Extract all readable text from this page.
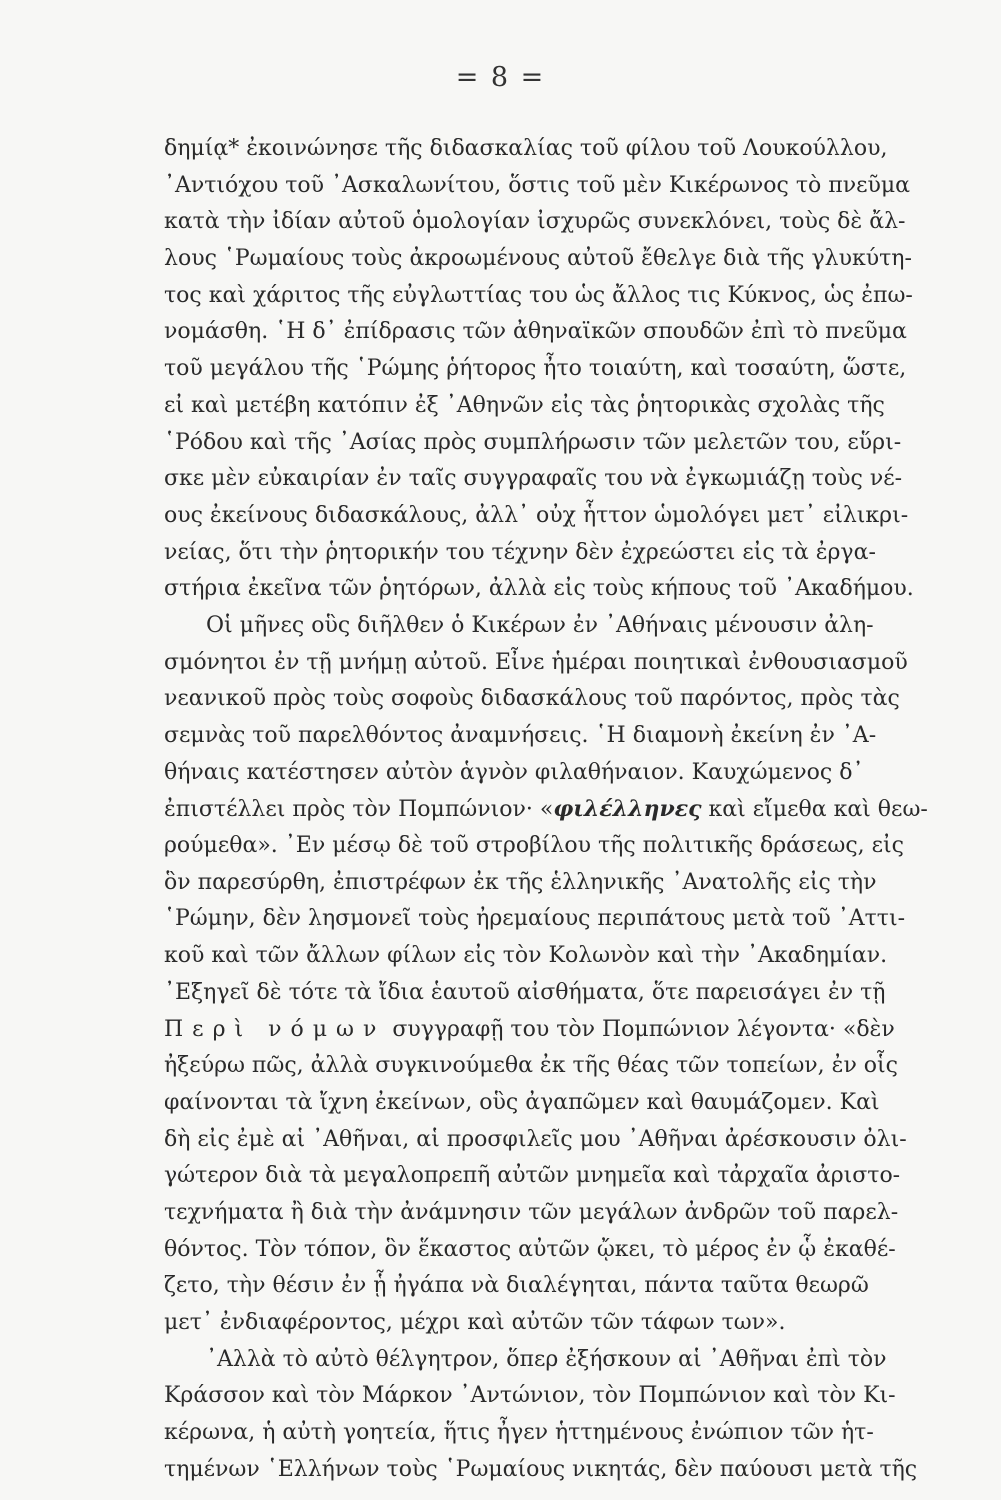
= 8 =
δημίᾳ* ἐκοινώνησε τῆς διδασκαλίας τοῦ φίλου τοῦ Λουκούλλου,
᾿Αντιόχου τοῦ ᾿Ασκαλωνίτου, ὅστις τοῦ μὲν Κικέρωνος τὸ πνεῦμα
κατὰ τὴν ἰδίαν αὐτοῦ ὁμολογίαν ἰσχυρῶς συνεκλόνει, τοὺς δὲ ἄλ-
λους ῾Ρωμαίους τοὺς ἀκροωμένους αὐτοῦ ἔθελγε διὰ τῆς γλυκύτη-
τος καὶ χάριτος τῆς εὐγλωττίας του ὡς ἄλλος τις Κύκνος, ὡς ἐπω-
νομάσθη. ῾Η δ᾿ ἐπίδρασις τῶν ἀθηναϊκῶν σπουδῶν ἐπὶ τὸ πνεῦμα
τοῦ μεγάλου τῆς ῾Ρώμης ῥήτορος ἦτο τοιαύτη, καὶ τοσαύτη, ὥστε,
εἰ καὶ μετέβη κατόπιν ἐξ ᾿Αθηνῶν εἰς τὰς ῥητορικὰς σχολὰς τῆς
῾Ρόδου καὶ τῆς ᾿Ασίας πρὸς συμπλήρωσιν τῶν μελετῶν του, εὕρι-
σκε μὲν εὐκαιρίαν ἐν ταῖς συγγραφαῖς του νὰ ἐγκωμιάζῃ τοὺς νέ-
ους ἐκείνους διδασκάλους, ἀλλ᾿ οὐχ ἧττον ὡμολόγει μετ᾿ εἰλικρι-
νείας, ὅτι τὴν ῥητορικήν του τέχνην δὲν ἐχρεώστει εἰς τὰ ἐργα-
στήρια ἐκεῖνα τῶν ῥητόρων, ἀλλὰ εἰς τοὺς κήπους τοῦ ᾿Ακαδήμου.
Οἱ μῆνες οὓς διῆλθεν ὁ Κικέρων ἐν ᾿Αθήναις μένουσιν ἀλη-
σμόνητοι ἐν τῇ μνήμῃ αὐτοῦ. Εἶνε ἡμέραι ποιητικαὶ ἐνθουσιασμοῦ
νεανικοῦ πρὸς τοὺς σοφοὺς διδασκάλους τοῦ παρόντος, πρὸς τὰς
σεμνὰς τοῦ παρελθόντος ἀναμνήσεις. ῾Η διαμονὴ ἐκείνη ἐν ᾿Α-
θήναις κατέστησεν αὐτὸν ἁγνὸν φιλαθήναιον. Καυχώμενος δ᾿
ἐπιστέλλει πρὸς τὸν Πομπώνιον· «φιλέλληνες καὶ εἴμεθα καὶ θεω-
ρούμεθα». ᾿Εν μέσῳ δὲ τοῦ στροβίλου τῆς πολιτικῆς δράσεως, εἰς
ὃν παρεσύρθη, ἐπιστρέφων ἐκ τῆς ἑλληνικῆς ᾿Ανατολῆς εἰς τὴν
῾Ρώμην, δὲν λησμονεῖ τοὺς ἠρεμαίους περιπάτους μετὰ τοῦ ᾿Αττι-
κοῦ καὶ τῶν ἄλλων φίλων εἰς τὸν Κολωνὸν καὶ τὴν ᾿Ακαδημίαν.
᾿Εξηγεῖ δὲ τότε τὰ ἴδια ἑαυτοῦ αἰσθήματα, ὅτε παρεισάγει ἐν τῇ
Περὶ νόμων συγγραφῇ του τὸν Πομπώνιον λέγοντα· «δὲν
ἠξεύρω πῶς, ἀλλὰ συγκινούμεθα ἐκ τῆς θέας τῶν τοπείων, ἐν οἷς
φαίνονται τὰ ἴχνη ἐκείνων, οὓς ἀγαπῶμεν καὶ θαυμάζομεν. Καὶ
δὴ εἰς ἐμὲ αἱ ᾿Αθῆναι, αἱ προσφιλεῖς μου ᾿Αθῆναι ἀρέσκουσιν ὀλι-
γώτερον διὰ τὰ μεγαλοπρεπῆ αὐτῶν μνημεῖα καὶ τἀρχαῖα ἀριστο-
τεχνήματα ἢ διὰ τὴν ἀνάμνησιν τῶν μεγάλων ἀνδρῶν τοῦ παρελ-
θόντος. Τὸν τόπον, ὃν ἕκαστος αὐτῶν ᾤκει, τὸ μέρος ἐν ᾧ ἐκαθέ-
ζετο, τὴν θέσιν ἐν ᾗ ἠγάπα νὰ διαλέγηται, πάντα ταῦτα θεωρῶ
μετ᾿ ἐνδιαφέροντος, μέχρι καὶ αὐτῶν τῶν τάφων των».
᾿Αλλὰ τὸ αὐτὸ θέλγητρον, ὅπερ ἐξήσκουν αἱ ᾿Αθῆναι ἐπὶ τὸν
Κράσσον καὶ τὸν Μάρκον ᾿Αντώνιον, τὸν Πομπώνιον καὶ τὸν Κι-
κέρωνα, ἡ αὐτὴ γοητεία, ἥτις ἦγεν ἡττημένους ἐνώπιον τῶν ἡτ-
τημένων ῾Ελλήνων τοὺς ῾Ρωμαίους νικητάς, δὲν παύουσι μετὰ τῆς
